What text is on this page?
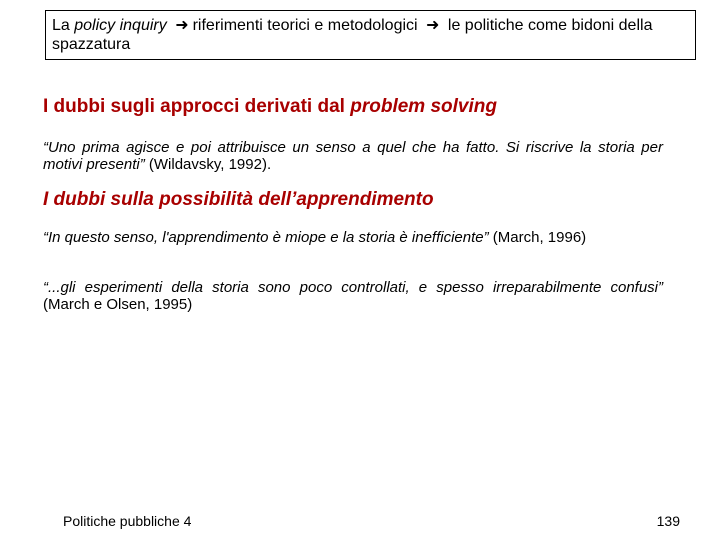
La policy inquiry ➜ riferimenti teorici e metodologici ➜ le politiche come bidoni della spazzatura
I dubbi sugli approcci derivati dal problem solving
“Uno prima agisce e poi attribuisce un senso a quel che ha fatto. Si riscrive la storia per motivi presenti” (Wildavsky, 1992).
I dubbi sulla possibilità dell’apprendimento
“In questo senso, l'apprendimento è miope e la storia è inefficiente” (March, 1996)
“...gli esperimenti della storia sono poco controllati, e spesso irreparabilmente confusi” (March e Olsen, 1995)
Politiche pubbliche 4	139
